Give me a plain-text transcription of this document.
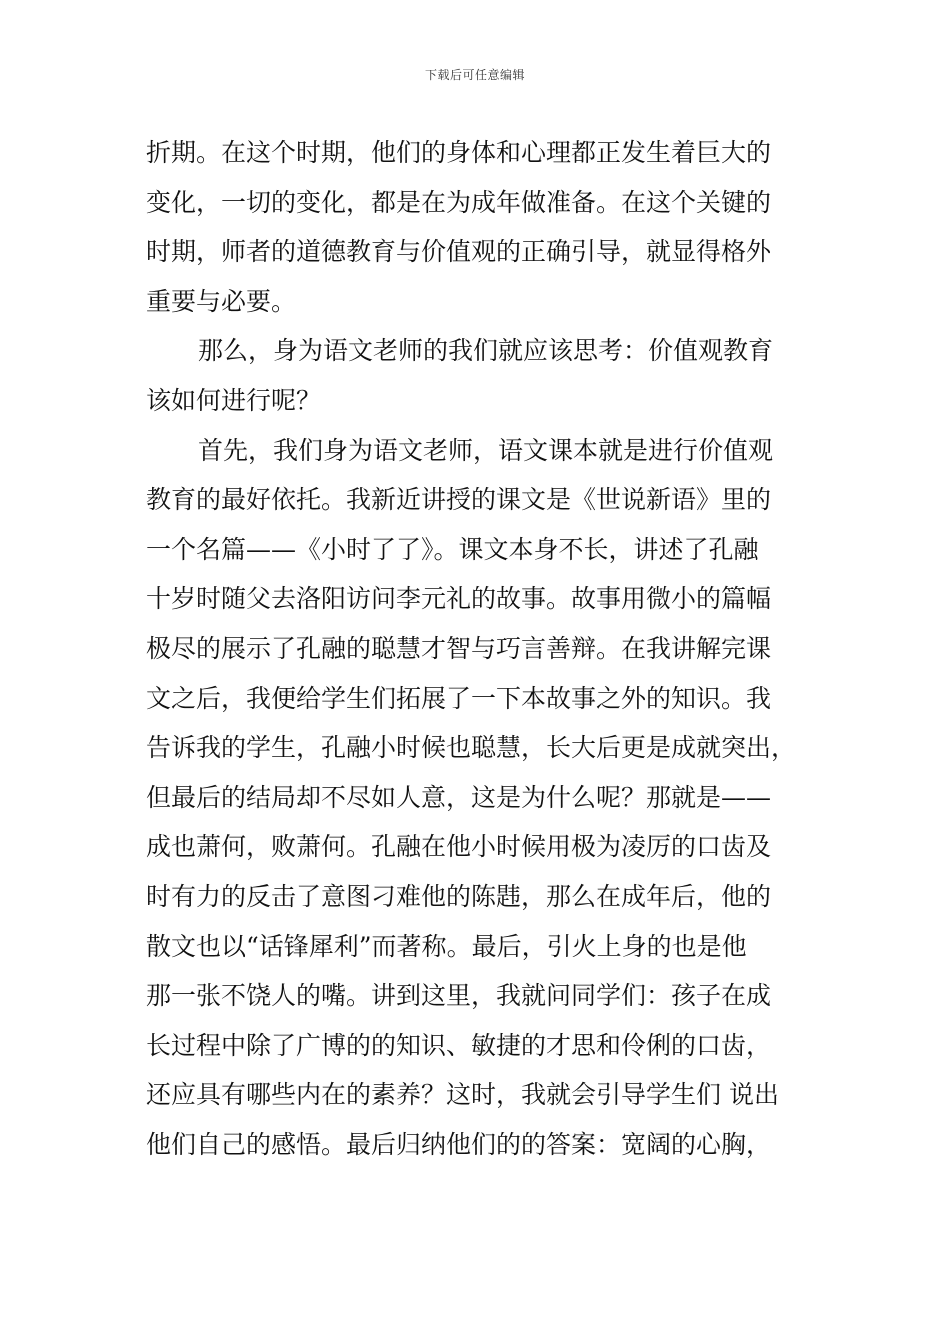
下载后可任意编辑
折期。在这个时期，他们的身体和心理都正发生着巨大的
变化，一切的变化，都是在为成年做准备。在这个关键的
时期，师者的道德教育与价值观的正确引导，就显得格外
重要与必要。
那么，身为语文老师的我们就应该思考：价值观教育
该如何进行呢？
首先，我们身为语文老师，语文课本就是进行价值观
教育的最好依托。我新近讲授的课文是《世说新语》里的
一个名篇——《小时了了》。课文本身不长，讲述了孔融
十岁时随父去洛阳访问李元礼的故事。故事用微小的篇幅
极尽的展示了孔融的聪慧才智与巧言善辩。在我讲解完课
文之后，我便给学生们拓展了一下本故事之外的知识。我
告诉我的学生，孔融小时候也聪慧，长大后更是成就突出，
但最后的结局却不尽如人意，这是为什么呢？那就是——
成也萧何，败萧何。孔融在他小时候用极为凌厉的口齿及
时有力的反击了意图刁难他的陈韪，那么在成年后，他的
散文也以“话锋犀利”而著称。最后，引火上身的也是他
那一张不饶人的嘴。讲到这里，我就问同学们：孩子在成
长过程中除了广博的的知识、敏捷的才思和伶俐的口齿，
还应具有哪些内在的素养？这时，我就会引导学生们 说出
他们自己的感悟。最后归纳他们的的答案：宽阔的心胸，
